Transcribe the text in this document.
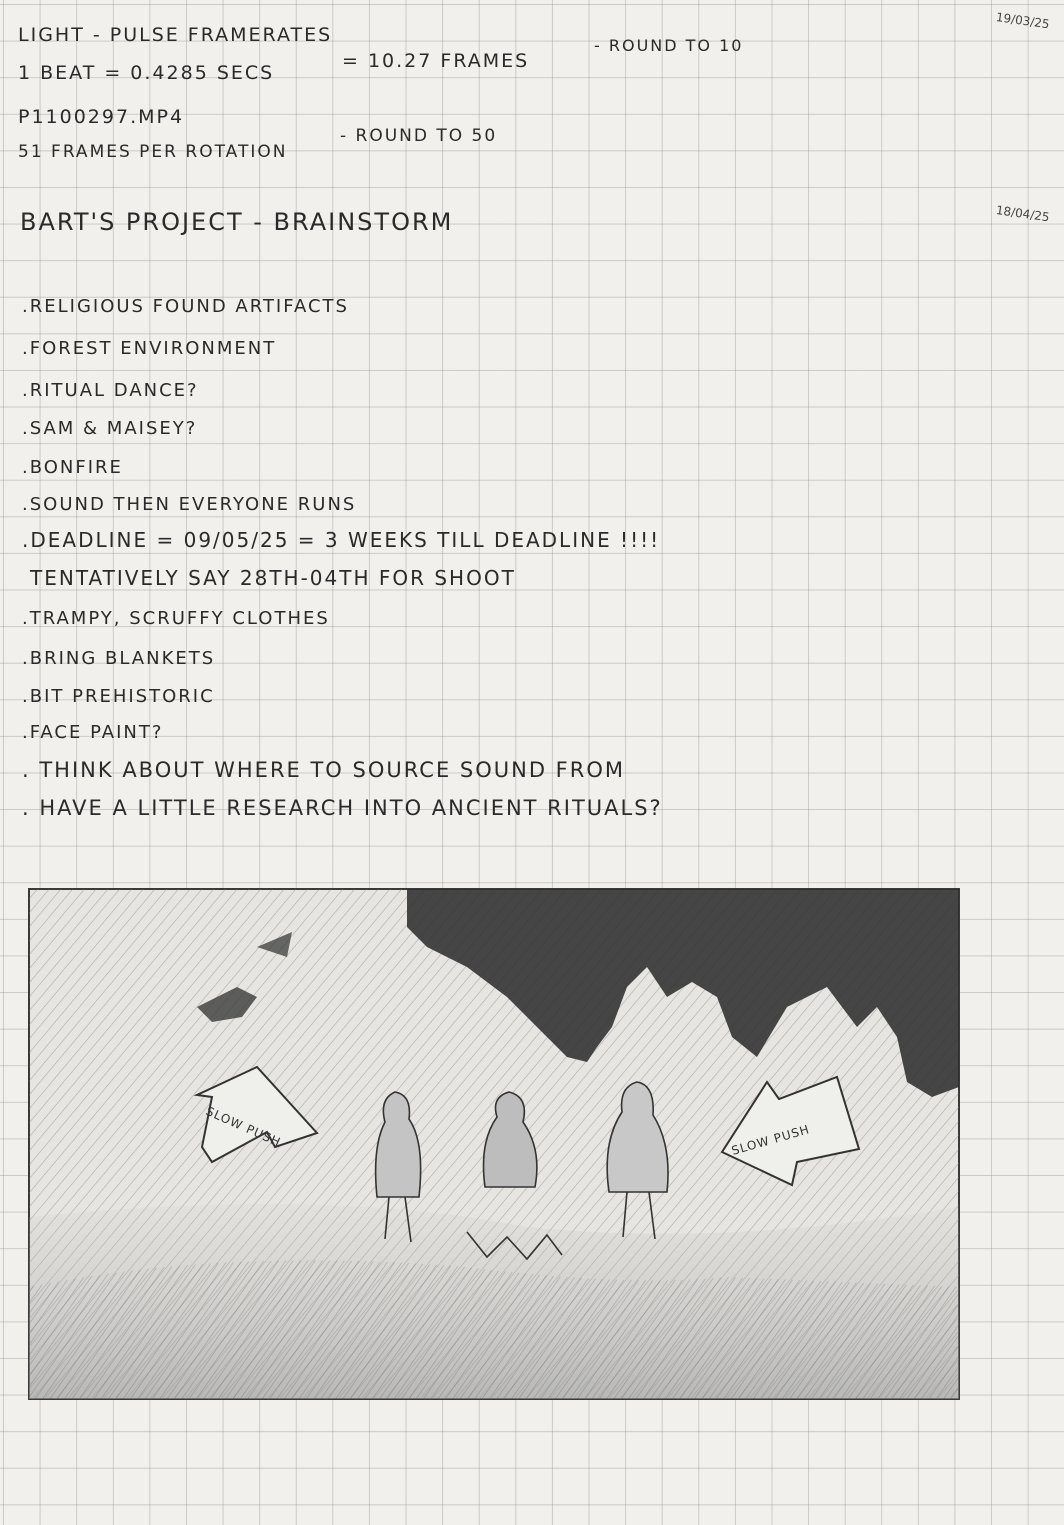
19/03/25
18/04/25
LIGHT - PULSE FRAMERATES
1 BEAT = 0.4285 SECS
= 10.27 FRAMES
- ROUND TO 10
P1100297.MP4
51 FRAMES PER ROTATION
- ROUND TO 50
BART'S PROJECT - BRAINSTORM
.RELIGIOUS FOUND ARTIFACTS
.FOREST ENVIRONMENT
.RITUAL DANCE?
.SAM & MAISEY?
.BONFIRE
.SOUND THEN EVERYONE RUNS
.DEADLINE = 09/05/25 = 3 WEEKS TILL DEADLINE !!!!
TENTATIVELY SAY 28TH-04TH FOR SHOOT
.TRAMPY, SCRUFFY CLOTHES
.BRING BLANKETS
.BIT PREHISTORIC
.FACE PAINT?
. THINK ABOUT WHERE TO SOURCE SOUND FROM
. HAVE A LITTLE RESEARCH INTO ANCIENT RITUALS?
SLOW PUSH	SLOW PUSH
